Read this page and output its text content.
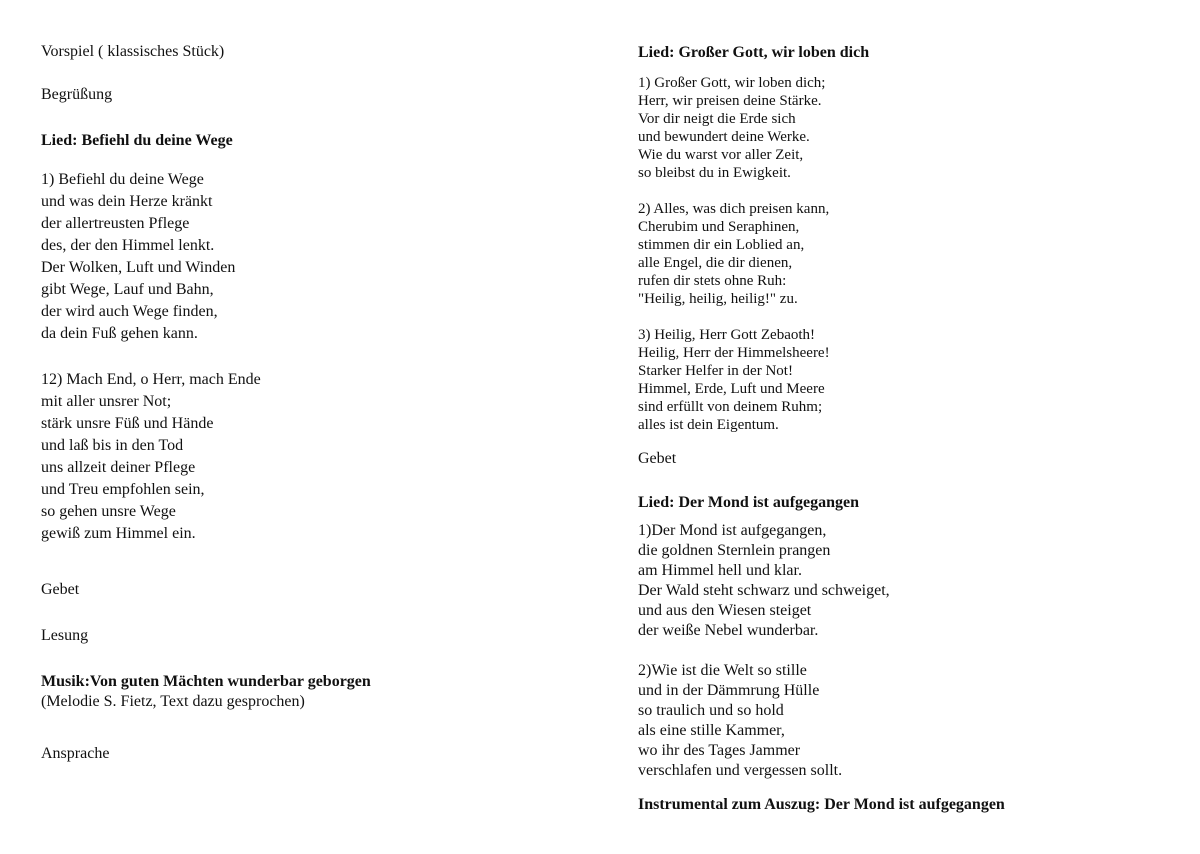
Vorspiel ( klassisches Stück)
Begrüßung
Lied: Befiehl du deine Wege
1) Befiehl du deine Wege
und was dein Herze kränkt
der allertreusten Pflege
des, der den Himmel lenkt.
Der Wolken, Luft und Winden
gibt Wege, Lauf und Bahn,
der wird auch Wege finden,
da dein Fuß gehen kann.
12) Mach End, o Herr, mach Ende
mit aller unsrer Not;
stärk unsre Füß und Hände
und laß bis in den Tod
uns allzeit deiner Pflege
und Treu empfohlen sein,
so gehen unsre Wege
gewiß zum Himmel ein.
Gebet
Lesung
Musik:Von guten Mächten wunderbar geborgen
(Melodie S. Fietz, Text dazu gesprochen)
Ansprache
Lied: Großer Gott, wir loben dich
1) Großer Gott, wir loben dich;
Herr, wir preisen deine Stärke.
Vor dir neigt die Erde sich
und bewundert deine Werke.
Wie du warst vor aller Zeit,
so bleibst du in Ewigkeit.
2) Alles, was dich preisen kann,
Cherubim und Seraphinen,
stimmen dir ein Loblied an,
alle Engel, die dir dienen,
rufen dir stets ohne Ruh:
"Heilig, heilig, heilig!" zu.
3) Heilig, Herr Gott Zebaoth!
Heilig, Herr der Himmelsheere!
Starker Helfer in der Not!
Himmel, Erde, Luft und Meere
sind erfüllt von deinem Ruhm;
alles ist dein Eigentum.
Gebet
Lied: Der Mond ist aufgegangen
1)Der Mond ist aufgegangen,
die goldnen Sternlein prangen
am Himmel hell und klar.
Der Wald steht schwarz und schweiget,
und aus den Wiesen steiget
der weiße Nebel wunderbar.
2)Wie ist die Welt so stille
und in der Dämmrung Hülle
so traulich und so hold
als eine stille Kammer,
wo ihr des Tages Jammer
verschlafen und vergessen sollt.
Instrumental zum Auszug: Der Mond ist aufgegangen
